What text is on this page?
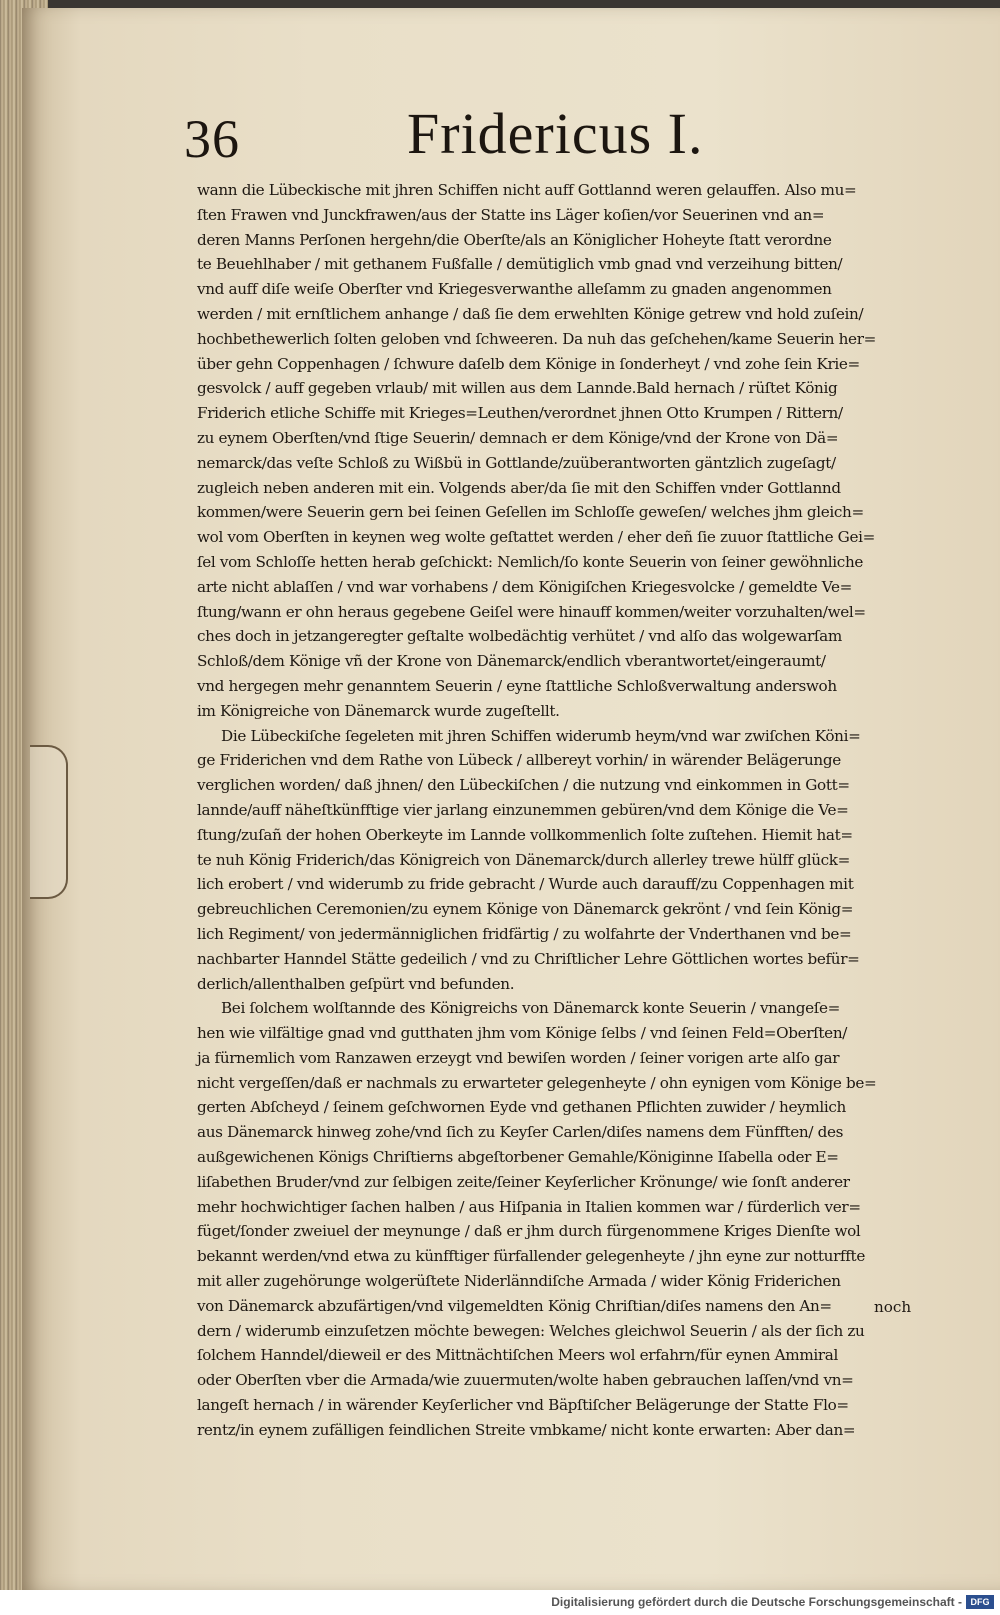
36	Fridericus I.
wann die Lübeckische mit jhren Schiffen nicht auff Gottlannd weren gelauffen. Also mu=
ſten Frawen vnd Junckfrawen/aus der Statte ins Läger koſien/vor Seuerinen vnd an=
deren Manns Perſonen hergehn/die Oberſte/als an Königlicher Hoheyte ſtatt verordne
te Beuehlhaber / mit gethanem Fußfalle / demütiglich vmb gnad vnd verzeihung bitten/
vnd auff diſe weiſe Oberſter vnd Kriegesverwanthe alleſamm zu gnaden angenommen
werden / mit ernſtlichem anhange / daß ſie dem erwehlten Könige getrew vnd hold zuſein/
hochbethewerlich ſolten geloben vnd ſchweeren. Da nuh das geſchehen/kame Seuerin her=
über gehn Coppenhagen / ſchwure daſelb dem Könige in ſonderheyt / vnd zohe ſein Krie=
gesvolck / auff gegeben vrlaub/ mit willen aus dem Lannde.Bald hernach / rüſtet König
Friderich etliche Schiffe mit Krieges=Leuthen/verordnet jhnen Otto Krumpen / Rittern/
zu eynem Oberſten/vnd ſtige Seuerin/ demnach er dem Könige/vnd der Krone von Dä=
nemarck/das veſte Schloß zu Wißbü in Gottlande/zuüberantworten gäntzlich zugeſagt/
zugleich neben anderen mit ein. Volgends aber/da ſie mit den Schiffen vnder Gottlannd
kommen/were Seuerin gern bei ſeinen Geſellen im Schloſſe geweſen/ welches jhm gleich=
wol vom Oberſten in keynen weg wolte geſtattet werden / eher deñ ſie zuuor ſtattliche Gei=
ſel vom Schloſſe hetten herab geſchickt: Nemlich/ſo konte Seuerin von ſeiner gewöhnliche
arte nicht ablaſſen / vnd war vorhabens / dem Königiſchen Kriegesvolcke / gemeldte Ve=
ſtung/wann er ohn heraus gegebene Geiſel were hinauff kommen/weiter vorzuhalten/wel=
ches doch in jetzangeregter geſtalte wolbedächtig verhütet / vnd alſo das wolgewarſam
Schloß/dem Könige vñ der Krone von Dänemarck/endlich vberantwortet/eingeraumt/
vnd hergegen mehr genanntem Seuerin / eyne ſtattliche Schloßverwaltung anderswoh
im Königreiche von Dänemarck wurde zugeſtellt.
Die Lübeckiſche ſegeleten mit jhren Schiffen widerumb heym/vnd war zwiſchen Köni=
ge Friderichen vnd dem Rathe von Lübeck / allbereyt vorhin/ in wärender Belägerunge
verglichen worden/ daß jhnen/ den Lübeckiſchen / die nutzung vnd einkommen in Gott=
lannde/auff näheſtkünfftige vier jarlang einzunemmen gebüren/vnd dem Könige die Ve=
ſtung/zuſañ der hohen Oberkeyte im Lannde vollkommenlich ſolte zuſtehen. Hiemit hat=
te nuh König Friderich/das Königreich von Dänemarck/durch allerley trewe hülff glück=
lich erobert / vnd widerumb zu fride gebracht / Wurde auch darauff/zu Coppenhagen mit
gebreuchlichen Ceremonien/zu eynem Könige von Dänemarck gekrönt / vnd ſein König=
lich Regiment/ von jedermänniglichen fridfärtig / zu wolfahrte der Vnderthanen vnd be=
nachbarter Hanndel Stätte gedeilich / vnd zu Chriſtlicher Lehre Göttlichen wortes befür=
derlich/allenthalben geſpürt vnd befunden.
Bei ſolchem wolſtannde des Königreichs von Dänemarck konte Seuerin / vnangeſe=
hen wie vilfältige gnad vnd gutthaten jhm vom Könige ſelbs / vnd ſeinen Feld=Oberſten/
ja fürnemlich vom Ranzawen erzeygt vnd bewiſen worden / ſeiner vorigen arte alſo gar
nicht vergeſſen/daß er nachmals zu erwarteter gelegenheyte / ohn eynigen vom Könige be=
gerten Abſcheyd / ſeinem geſchwornen Eyde vnd gethanen Pflichten zuwider / heymlich
aus Dänemarck hinweg zohe/vnd ſich zu Keyſer Carlen/diſes namens dem Fünfften/ des
außgewichenen Königs Chriſtierns abgeſtorbener Gemahle/Königinne Iſabella oder E=
liſabethen Bruder/vnd zur ſelbigen zeite/ſeiner Keyſerlicher Krönunge/ wie ſonſt anderer
mehr hochwichtiger ſachen halben / aus Hiſpania in Italien kommen war / fürderlich ver=
füget/ſonder zweiuel der meynunge / daß er jhm durch fürgenommene Kriges Dienſte wol
bekannt werden/vnd etwa zu künfftiger fürfallender gelegenheyte / jhn eyne zur notturffte
mit aller zugehörunge wolgerüſtete Niderlänndiſche Armada / wider König Friderichen
von Dänemarck abzufärtigen/vnd vilgemeldten König Chriſtian/diſes namens den An=
dern / widerumb einzuſetzen möchte bewegen: Welches gleichwol Seuerin / als der ſich zu
ſolchem Hanndel/dieweil er des Mittnächtiſchen Meers wol erfahrn/für eynen Ammiral
oder Oberſten vber die Armada/wie zuuermuten/wolte haben gebrauchen laſſen/vnd vn=
langeſt hernach / in wärender Keyſerlicher vnd Bäpſtiſcher Belägerunge der Statte Flo=
rentz/in eynem zufälligen feindlichen Streite vmbkame/ nicht konte erwarten: Aber dan=
noch
Digitalisierung gefördert durch die Deutsche Forschungsgemeinschaft - DFG
